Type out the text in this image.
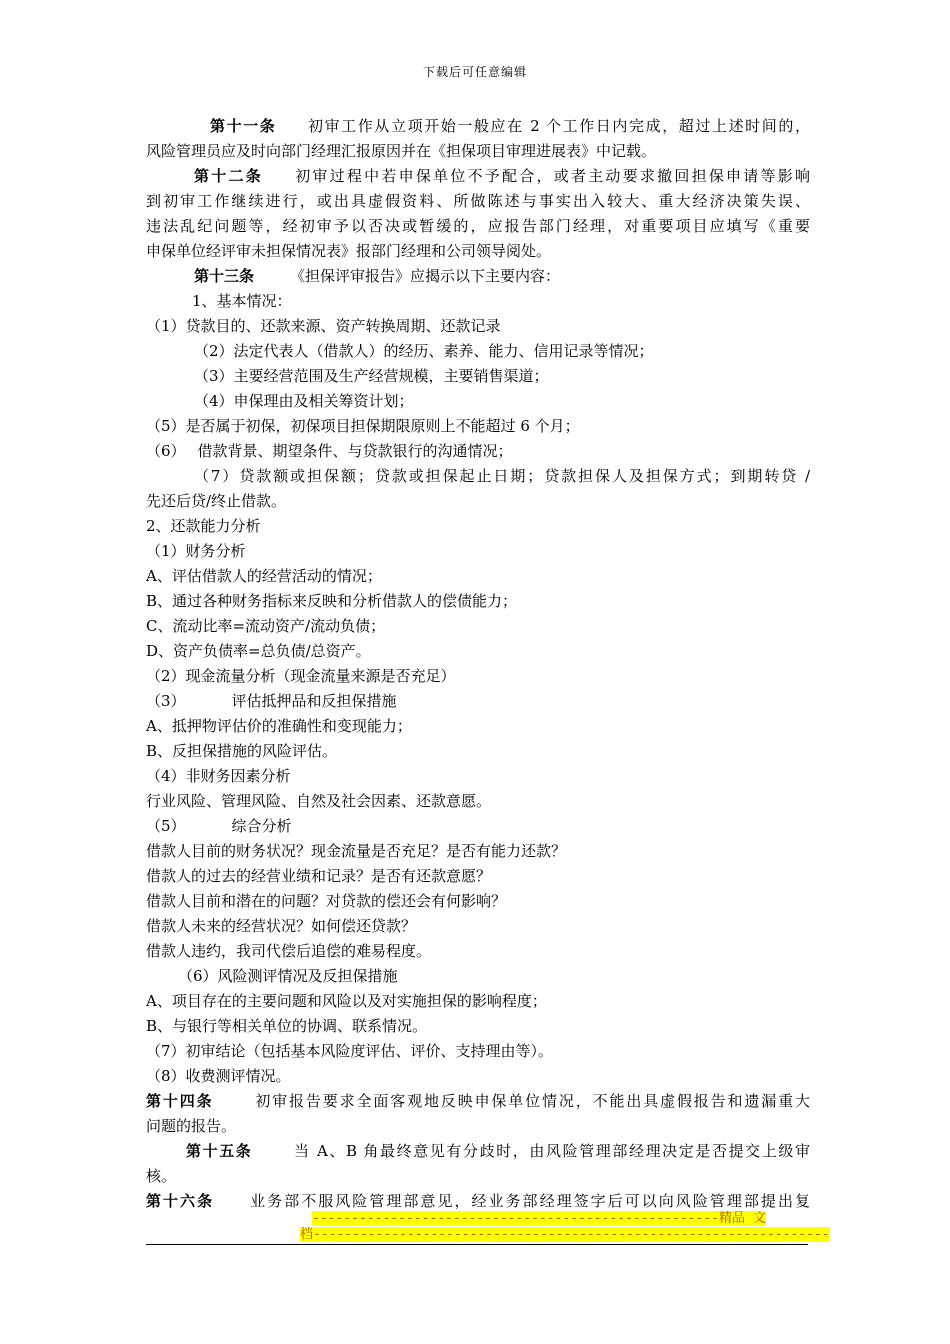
下载后可任意编辑
第十一条 初审工作从立项开始一般应在 2 个工作日内完成，超过上述时间的，
风险管理员应及时向部门经理汇报原因并在《担保项目审理进展表》中记载。
第十二条 初审过程中若申保单位不予配合，或者主动要求撤回担保申请等影响
到初审工作继续进行，或出具虚假资料、所做陈述与事实出入较大、重大经济决策失误、
违法乱纪问题等，经初审予以否决或暂缓的，应报告部门经理，对重要项目应填写《重要
申保单位经评审未担保情况表》报部门经理和公司领导阅处。
第十三条 《担保评审报告》应揭示以下主要内容：
1、基本情况：
（1）贷款目的、还款来源、资产转换周期、还款记录
（2）法定代表人（借款人）的经历、素养、能力、信用记录等情况；
（3）主要经营范围及生产经营规模，主要销售渠道；
（4）申保理由及相关筹资计划；
（5）是否属于初保，初保项目担保期限原则上不能超过 6 个月；
（6） 借款背景、期望条件、与贷款银行的沟通情况；
（7）贷款额或担保额；贷款或担保起止日期；贷款担保人及担保方式；到期转贷 /
先还后贷/终止借款。
2、还款能力分析
（1）财务分析
A、评估借款人的经营活动的情况；
B、通过各种财务指标来反映和分析借款人的偿债能力；
C、流动比率=流动资产/流动负债；
D、资产负债率=总负债/总资产。
（2）现金流量分析（现金流量来源是否充足）
（3）	评估抵押品和反担保措施
A、抵押物评估价的准确性和变现能力；
B、反担保措施的风险评估。
（4）非财务因素分析
行业风险、管理风险、自然及社会因素、还款意愿。
（5）	综合分析
借款人目前的财务状况？现金流量是否充足？是否有能力还款？
借款人的过去的经营业绩和记录？是否有还款意愿？
借款人目前和潜在的问题？对贷款的偿还会有何影响？
借款人未来的经营状况？如何偿还贷款？
借款人违约，我司代偿后追偿的难易程度。
（6）风险测评情况及反担保措施
A、项目存在的主要问题和风险以及对实施担保的影响程度；
B、与银行等相关单位的协调、联系情况。
（7）初审结论（包括基本风险度评估、评价、支持理由等）。
（8）收费测评情况。
第十四条	初审报告要求全面客观地反映申保单位情况，不能出具虚假报告和遗漏重大
问题的报告。
第十五条	当 A、B 角最终意见有分歧时，由风险管理部经理决定是否提交上级审
核。
第十六条 业务部不服风险管理部意见，经业务部经理签字后可以向风险管理部提出复
----------------------------------------------------精品 文
档------------------------------------------------------------------
